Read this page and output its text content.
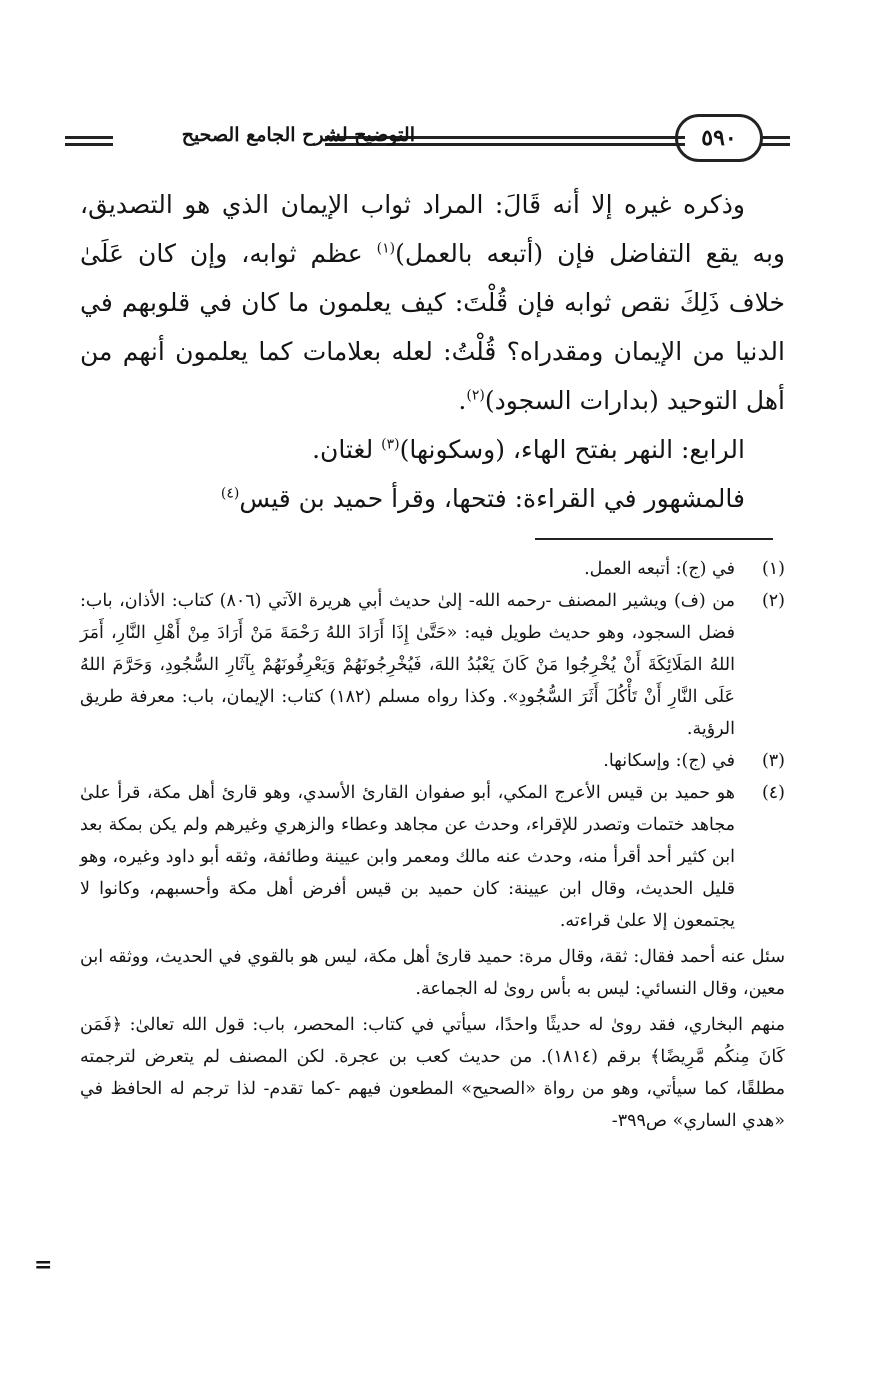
٥٩٠
التوضيح لشرح الجامع الصحيح

وذكره غيره إلا أنه قَالَ: المراد ثواب الإيمان الذي هو التصديق، وبه يقع التفاضل فإن (أتبعه بالعمل)$^{(١)}$ عظم ثوابه، وإن كان عَلَىٰ خلاف ذَلِكَ نقص ثوابه فإن قُلْتَ: كيف يعلمون ما كان في قلوبهم في الدنيا من الإيمان ومقدراه؟ قُلْتُ: لعله بعلامات كما يعلمون أنهم من أهل التوحيد (بدارات السجود)$^{(٢)}$.

الرابع: النهر بفتح الهاء، (وسكونها)$^{(٣)}$ لغتان.

فالمشهور في القراءة: فتحها، وقرأ حميد بن قيس$^{(٤)}$

(١)
في (ج): أتبعه العمل.
(٢)
من (ف) ويشير المصنف -رحمه الله- إلىٰ حديث أبي هريرة الآتي (٨٠٦) كتاب: الأذان، باب: فضل السجود، وهو حديث طويل فيه: «حَتَّىٰ إِذَا أَرَادَ اللهُ رَحْمَةَ مَنْ أَرَادَ مِنْ أَهْلِ النَّارِ، أَمَرَ اللهُ المَلَائِكَةَ أَنْ يُخْرِجُوا مَنْ كَانَ يَعْبُدُ اللهَ، فَيُخْرِجُونَهُمْ وَيَعْرِفُونَهُمْ بِآثَارِ السُّجُودِ، وَحَرَّمَ اللهُ عَلَى النَّارِ أَنْ تَأْكُلَ أَثَرَ السُّجُودِ». وكذا رواه مسلم (١٨٢) كتاب: الإيمان، باب: معرفة طريق الرؤية.
(٣)
في (ج): وإسكانها.
(٤)
هو حميد بن قيس الأعرج المكي، أبو صفوان القارئ الأسدي، وهو قارئ أهل مكة، قرأ علىٰ مجاهد ختمات وتصدر للإقراء، وحدث عن مجاهد وعطاء والزهري وغيرهم ولم يكن بمكة بعد ابن كثير أحد أقرأ منه، وحدث عنه مالك ومعمر وابن عيينة وطائفة، وثقه أبو داود وغيره، وهو قليل الحديث، وقال ابن عيينة: كان حميد بن قيس أفرض أهل مكة وأحسبهم، وكانوا لا يجتمعون إلا علىٰ قراءته.

سئل عنه أحمد فقال: ثقة، وقال مرة: حميد قارئ أهل مكة، ليس هو بالقوي في الحديث، ووثقه ابن معين، وقال النسائي: ليس به بأس روىٰ له الجماعة.

منهم البخاري، فقد روىٰ له حديثًا واحدًا، سيأتي في كتاب: المحصر، باب: قول الله تعالىٰ: ﴿فَمَن كَانَ مِنكُم مَّرِيضًا﴾ برقم (١٨١٤). من حديث كعب بن عجرة. لكن المصنف لم يتعرض لترجمته مطلقًا، كما سيأتي، وهو من رواة «الصحيح» المطعون فيهم -كما تقدم- لذا ترجم له الحافظ في «هدي الساري» ص٣٩٩-

=
